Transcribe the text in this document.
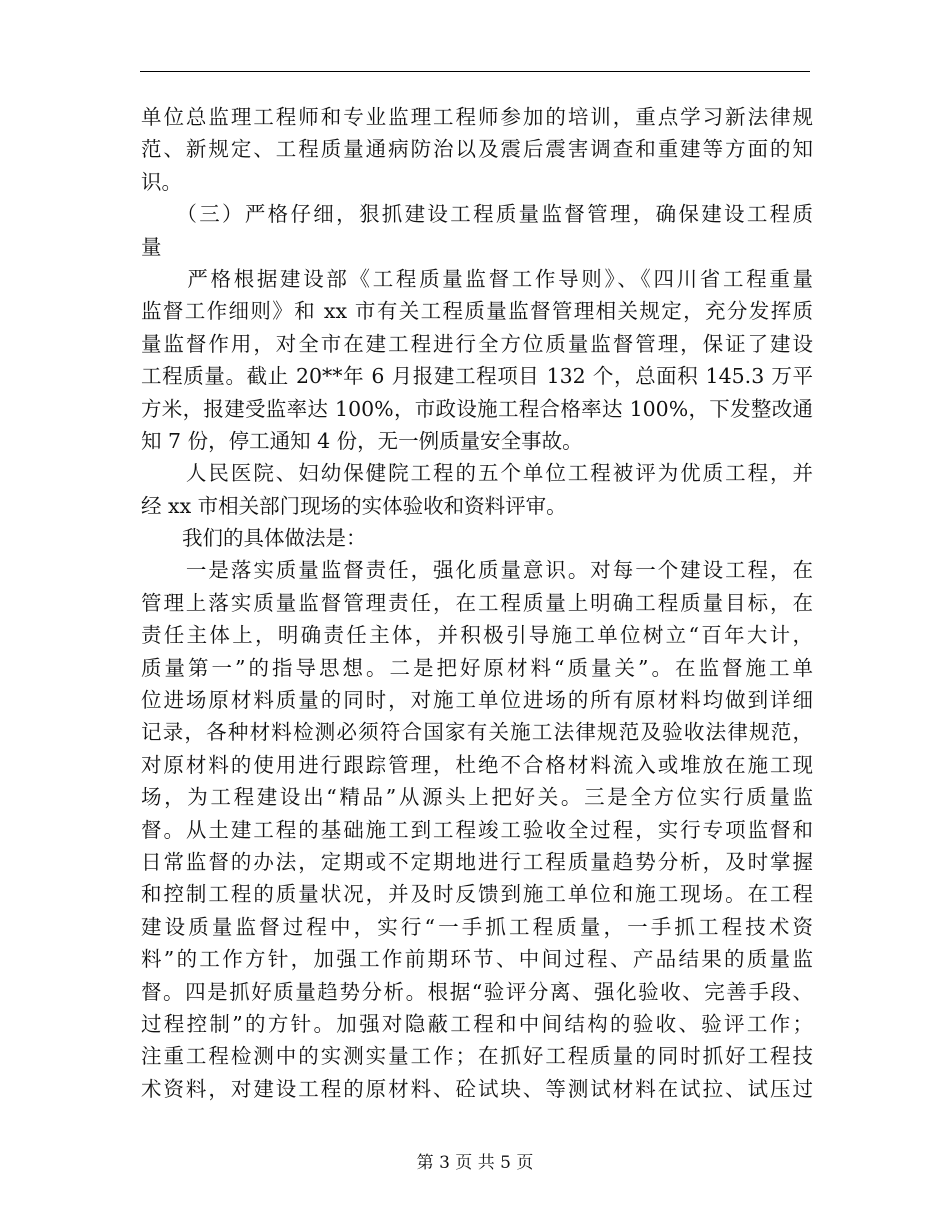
单位总监理工程师和专业监理工程师参加的培训，重点学习新法律规
范、新规定、工程质量通病防治以及震后震害调查和重建等方面的知
识。
　　（三）严格仔细，狠抓建设工程质量监督管理，确保建设工程质
量
　　严格根据建设部《工程质量监督工作导则》、《四川省工程重量
监督工作细则》和 xx 市有关工程质量监督管理相关规定，充分发挥质
量监督作用，对全市在建工程进行全方位质量监督管理，保证了建设
工程质量。截止 20**年 6 月报建工程项目 132 个，总面积 145.3 万平
方米，报建受监率达 100%，市政设施工程合格率达 100%，下发整改通
知 7 份，停工通知 4 份，无一例质量安全事故。
　　人民医院、妇幼保健院工程的五个单位工程被评为优质工程，并
经 xx 市相关部门现场的实体验收和资料评审。
　　我们的具体做法是：
　　一是落实质量监督责任，强化质量意识。对每一个建设工程，在
管理上落实质量监督管理责任，在工程质量上明确工程质量目标，在
责任主体上，明确责任主体，并积极引导施工单位树立“百年大计，
质量第一”的指导思想。二是把好原材料“质量关”。在监督施工单
位进场原材料质量的同时，对施工单位进场的所有原材料均做到详细
记录，各种材料检测必须符合国家有关施工法律规范及验收法律规范，
对原材料的使用进行跟踪管理，杜绝不合格材料流入或堆放在施工现
场，为工程建设出“精品”从源头上把好关。三是全方位实行质量监
督。从土建工程的基础施工到工程竣工验收全过程，实行专项监督和
日常监督的办法，定期或不定期地进行工程质量趋势分析，及时掌握
和控制工程的质量状况，并及时反馈到施工单位和施工现场。在工程
建设质量监督过程中，实行“一手抓工程质量，一手抓工程技术资
料”的工作方针，加强工作前期环节、中间过程、产品结果的质量监
督。四是抓好质量趋势分析。根据“验评分离、强化验收、完善手段、
过程控制”的方针。加强对隐蔽工程和中间结构的验收、验评工作；
注重工程检测中的实测实量工作；在抓好工程质量的同时抓好工程技
术资料，对建设工程的原材料、砼试块、等测试材料在试拉、试压过
第 3 页 共 5 页
